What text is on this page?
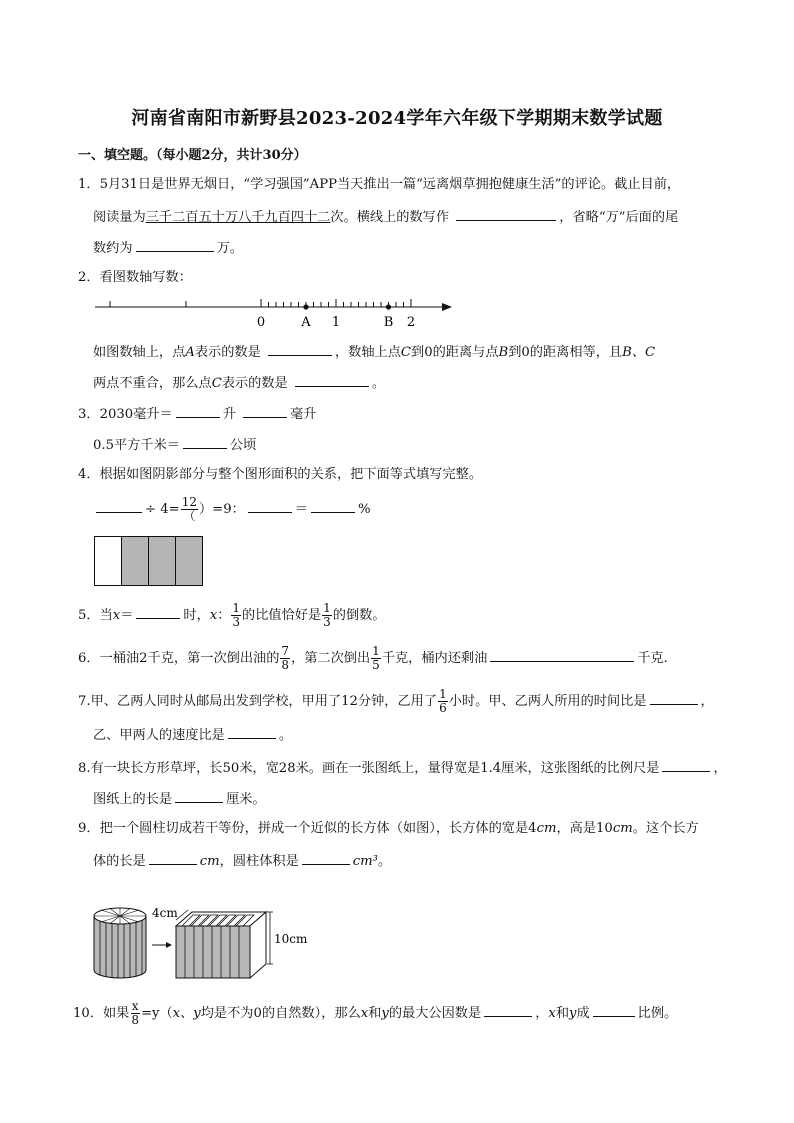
河南省南阳市新野县2023-2024学年六年级下学期期末数学试题
一、填空题。（每小题2分，共计30分）
1．5月31日是世界无烟日，“学习强国”APP当天推出一篇“远离烟草拥抱健康生活”的评论。截止目前，
阅读量为三千二百五十万八千九百四十二次。横线上的数写作	，省略“万”后面的尾
数约为	万。
2．看图数轴写数：
0	A 1	B 2
如图数轴上，点A表示的数是	，数轴上点C到0的距离与点B到0的距离相等，且B、C
两点不重合，那么点C表示的数是	。
3．2030毫升＝	升	毫升
0.5平方千米＝	公顷
4．根据如图阴影部分与整个图形面积的关系，把下面等式填写完整。
÷ $4= \frac{12}{(} )=9$：	＝	%
5．当x＝	时，x： $\frac{1}{3}$ 的比值恰好是 $\frac{1}{3}$ 的倒数。
6．一桶油2千克，第一次倒出油的 $\frac{7}{8}$ ，第二次倒出 $\frac{1}{5}$ 千克，桶内还剩油	千克.
7.甲、乙两人同时从邮局出发到学校，甲用了12分钟，乙用了 $\frac{1}{6}$ 小时。甲、乙两人所用的时间比是	，
乙、甲两人的速度比是	。
8.有一块长方形草坪，长50米，宽28米。画在一张图纸上，量得宽是1.4厘米，这张图纸的比例尺是	，
图纸上的长是	厘米。
9．把一个圆柱切成若干等份，拼成一个近似的长方体（如图），长方体的宽是4cm，高是10cm。这个长方
体的长是	cm，圆柱体积是	cm³。
4cm
10cm
10．如果 $\frac{x}{8} =y(x$、y均是不为0的自然数），那么x和y的最大公因数是	，x和y成	比例。
